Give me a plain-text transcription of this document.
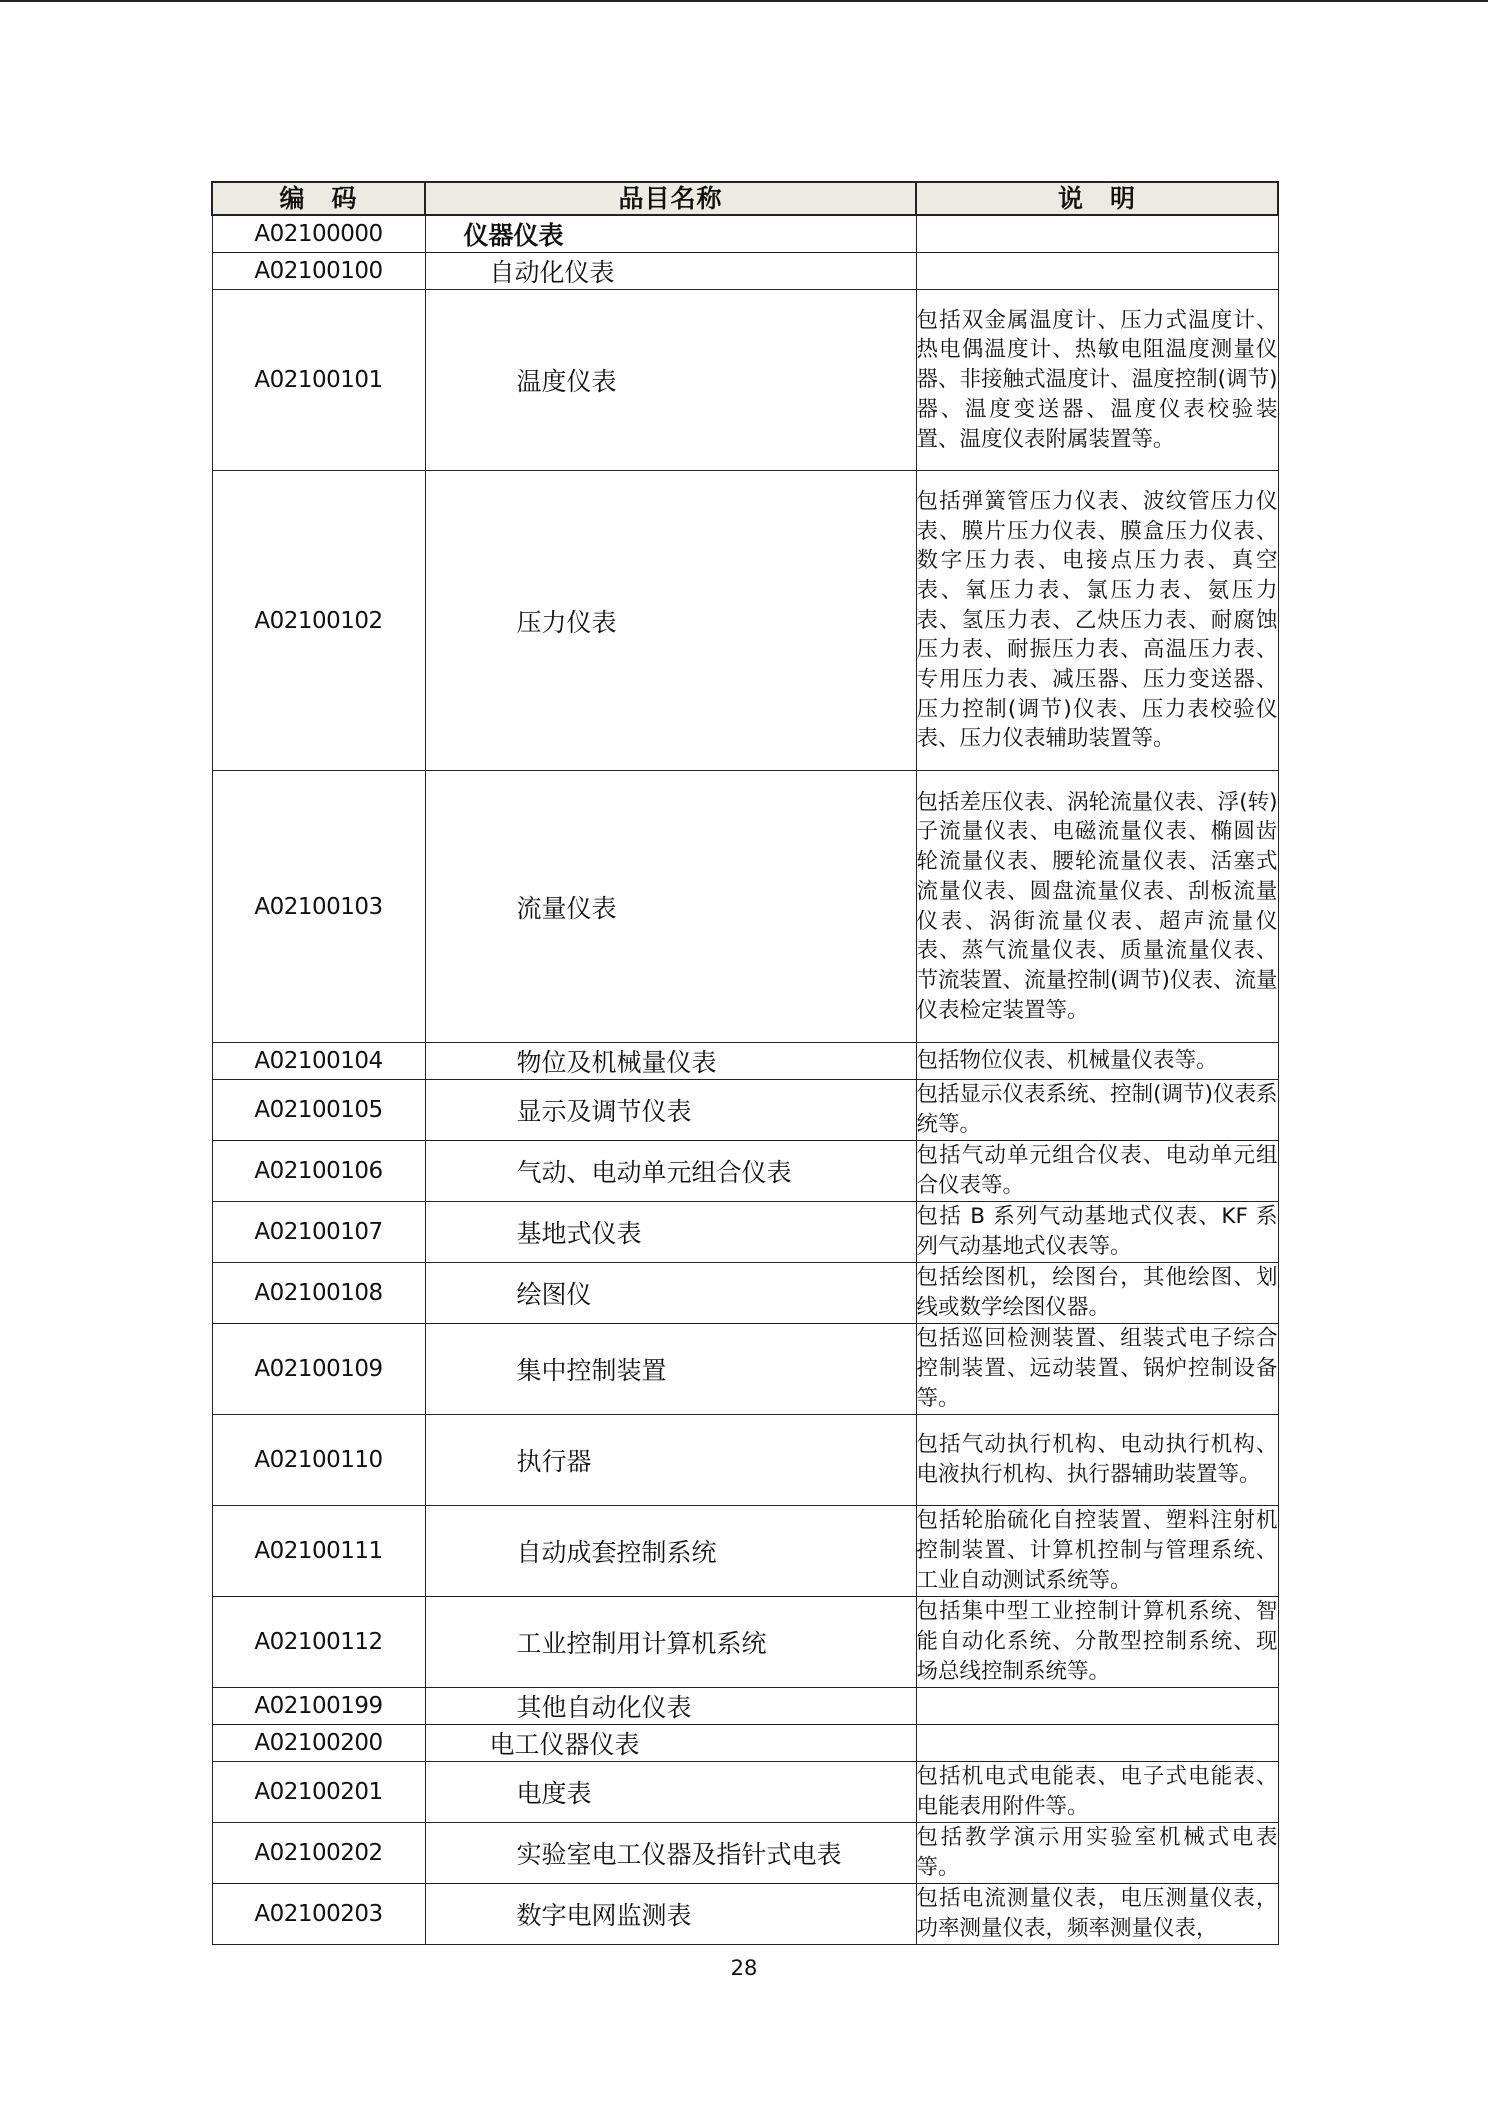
编　码	品目名称	说　明
A02100000	仪器仪表	
A02100100	自动化仪表	
A02100101	温度仪表	包括双金属温度计、压力式温度计、热电偶温度计、热敏电阻温度测量仪器、非接触式温度计、温度控制(调节)器、温度变送器、温度仪表校验装置、温度仪表附属装置等。
A02100102	压力仪表	包括弹簧管压力仪表、波纹管压力仪表、膜片压力仪表、膜盒压力仪表、数字压力表、电接点压力表、真空表、氧压力表、氯压力表、氨压力表、氢压力表、乙炔压力表、耐腐蚀压力表、耐振压力表、高温压力表、专用压力表、减压器、压力变送器、压力控制(调节)仪表、压力表校验仪表、压力仪表辅助装置等。
A02100103	流量仪表	包括差压仪表、涡轮流量仪表、浮(转)子流量仪表、电磁流量仪表、椭圆齿轮流量仪表、腰轮流量仪表、活塞式流量仪表、圆盘流量仪表、刮板流量仪表、涡街流量仪表、超声流量仪表、蒸气流量仪表、质量流量仪表、节流装置、流量控制(调节)仪表、流量仪表检定装置等。
A02100104	物位及机械量仪表	包括物位仪表、机械量仪表等。
A02100105	显示及调节仪表	包括显示仪表系统、控制(调节)仪表系统等。
A02100106	气动、电动单元组合仪表	包括气动单元组合仪表、电动单元组合仪表等。
A02100107	基地式仪表	包括 B 系列气动基地式仪表、KF 系列气动基地式仪表等。
A02100108	绘图仪	包括绘图机，绘图台，其他绘图、划线或数学绘图仪器。
A02100109	集中控制装置	包括巡回检测装置、组装式电子综合控制装置、远动装置、锅炉控制设备等。
A02100110	执行器	包括气动执行机构、电动执行机构、电液执行机构、执行器辅助装置等。
A02100111	自动成套控制系统	包括轮胎硫化自控装置、塑料注射机控制装置、计算机控制与管理系统、工业自动测试系统等。
A02100112	工业控制用计算机系统	包括集中型工业控制计算机系统、智能自动化系统、分散型控制系统、现场总线控制系统等。
A02100199	其他自动化仪表	
A02100200	电工仪器仪表	
A02100201	电度表	包括机电式电能表、电子式电能表、电能表用附件等。
A02100202	实验室电工仪器及指针式电表	包括教学演示用实验室机械式电表等。
A02100203	数字电网监测表	包括电流测量仪表，电压测量仪表，功率测量仪表，频率测量仪表，
28
